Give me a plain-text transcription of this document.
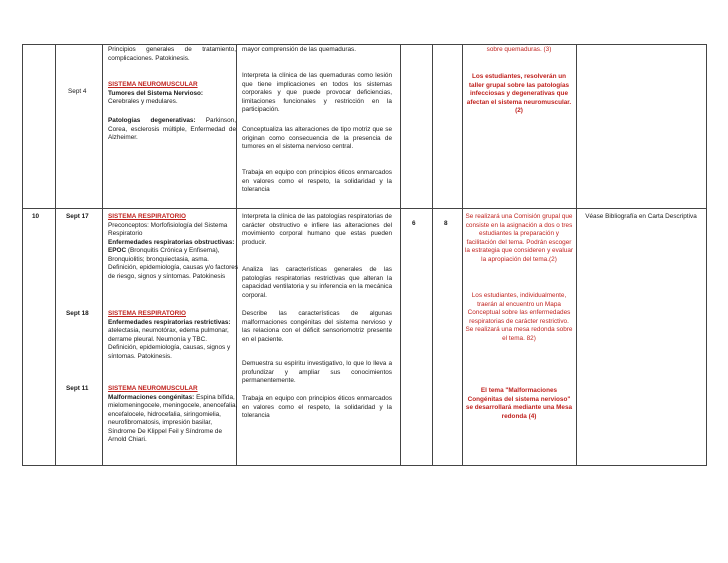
Sept 4
Principios generales de tratamiento, complicaciones. Patokinesis.
SISTEMA NEUROMUSCULAR
Tumores del Sistema Nervioso:
Cerebrales y medulares.
Patologías degenerativas: Parkinson, Corea, esclerosis múltiple, Enfermedad de Alzheimer.
mayor comprensión de las quemaduras.
Interpreta la clínica de las quemaduras como lesión que tiene implicaciones en todos los sistemas corporales y que puede provocar deficiencias, limitaciones funcionales y restricción en la participación.
Conceptualiza las alteraciones de tipo motriz que se originan como consecuencia de la presencia de tumores en el sistema nervioso central.
Trabaja en equipo con principios éticos enmarcados en valores como el respeto, la solidaridad y la tolerancia
sobre quemaduras. (3)
Los estudiantes, resolverán un taller grupal sobre las patologías infecciosas y degenerativas que afectan el sistema neuromuscular. (2)
10	Sept 17
Sept 18
Sept 11
SISTEMA RESPIRATORIO
Preconceptos: Morfofisiología del Sistema Respiratorio
Enfermedades respiratorias obstructivas: EPOC (Bronquitis Crónica y Enfisema), Bronquiolitis; bronquiectasia, asma. Definición, epidemiología, causas y/o factores de riesgo, signos y síntomas. Patokinesis
SISTEMA RESPIRATORIO
Enfermedades respiratorias restrictivas: atelectasia, neumotórax, edema pulmonar, derrame pleural. Neumonía y TBC. Definición, epidemiología, causas, signos y síntomas. Patokinesis.
SISTEMA NEUROMUSCULAR
Malformaciones congénitas: Espina bífida, mielomeningocele, meningocele, anencefalia, encefalocele, hidrocefalia, siringomielia, neurofibromatosis, impresión basilar, Síndrome De Klippel Feil y Síndrome de Arnold Chiari.
Interpreta la clínica de las patologías respiratorias de carácter obstructivo e infiere las alteraciones del movimiento corporal humano que estas pueden producir.
Analiza las características generales de las patologías respiratorias restrictivas que alteran la capacidad ventilatoria y su inferencia en la mecánica corporal.
Describe las características de algunas malformaciones congénitas del sistema nervioso y las relaciona con el déficit sensoriomotriz presente en el paciente.
Demuestra su espíritu investigativo, lo que lo lleva a profundizar y ampliar sus conocimientos permanentemente.
Trabaja en equipo con principios éticos enmarcados en valores como el respeto, la solidaridad y la tolerancia
6	8
Se realizará una Comisión grupal que consiste en la asignación a dos o tres estudiantes la preparación y facilitación del tema. Podrán escoger la estrategia que consideren y evaluar la apropiación del tema.(2)
Los estudiantes, individualmente, traerán al encuentro un Mapa Conceptual sobre las enfermedades respiratorias de carácter restrictivo. Se realizará una mesa redonda sobre el tema. 82)
El tema "Malformaciones Congénitas del sistema nervioso" se desarrollará mediante una Mesa redonda (4)
Véase Bibliografía en Carta Descriptiva
